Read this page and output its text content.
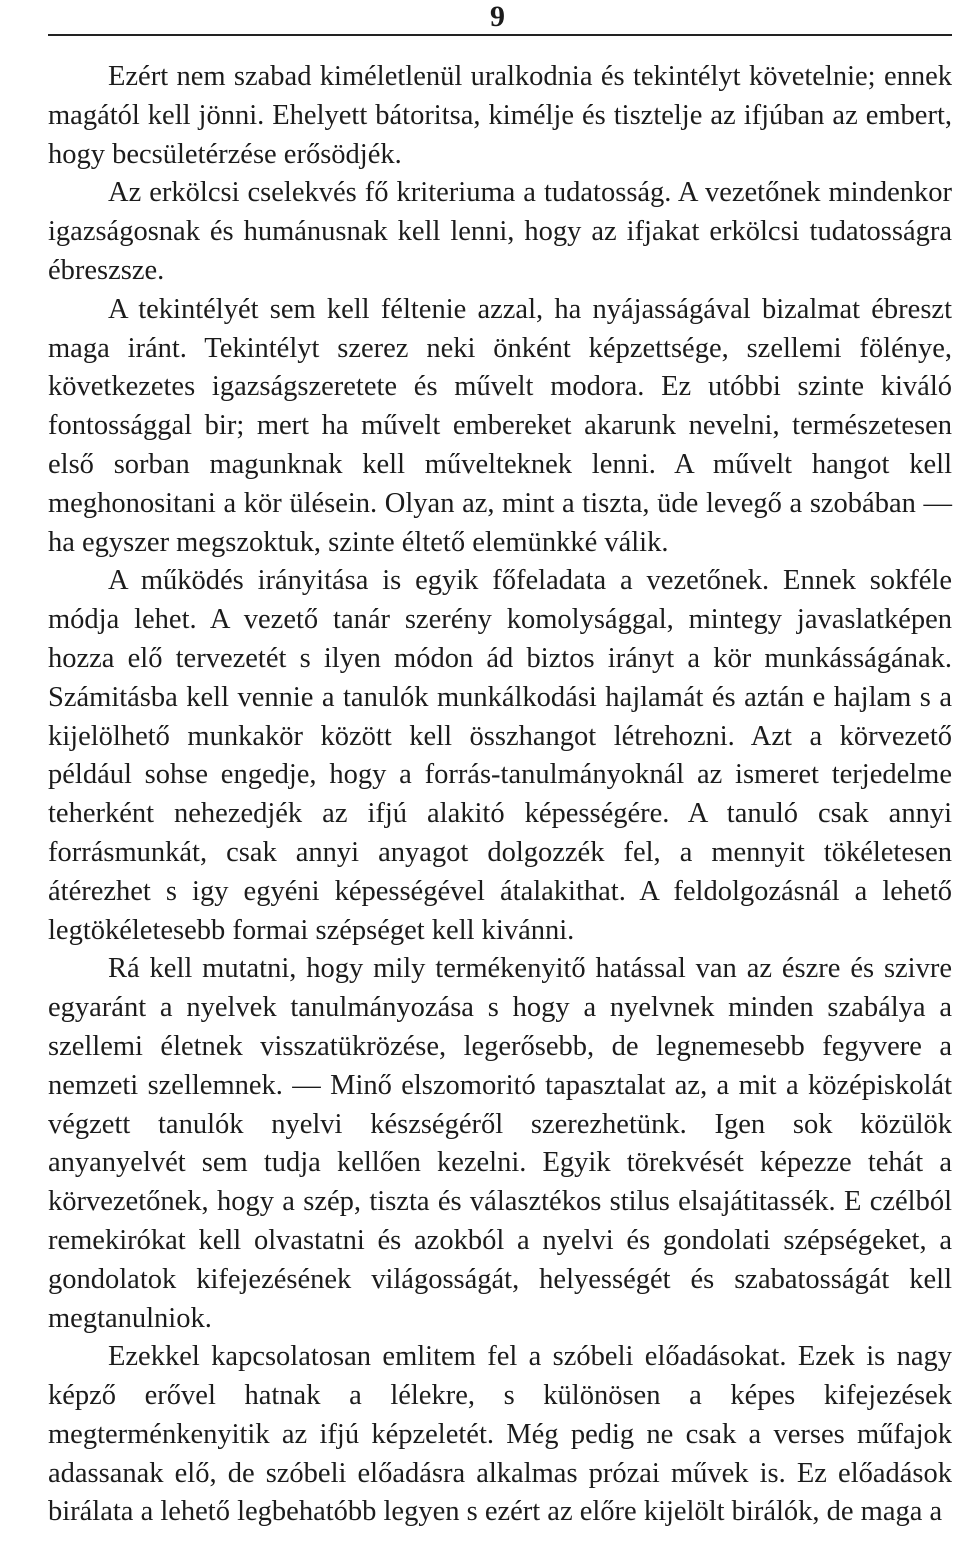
9

Ezért nem szabad kiméletlenül uralkodnia és tekintélyt követelnie; ennek magától kell jönni. Ehelyett bátoritsa, kimélje és tisztelje az ifjúban az embert, hogy becsületérzése erősödjék.

Az erkölcsi cselekvés fő kriteriuma a tudatosság. A vezetőnek mindenkor igazságosnak és humánusnak kell lenni, hogy az ifjakat erkölcsi tudatosságra ébreszsze.

A tekintélyét sem kell féltenie azzal, ha nyájasságával bizalmat ébreszt maga iránt. Tekintélyt szerez neki önként képzettsége, szellemi fölénye, következetes igazságszeretete és művelt modora. Ez utóbbi szinte kiváló fontossággal bir; mert ha művelt embereket akarunk nevelni, természetesen első sorban magunknak kell művelteknek lenni. A művelt hangot kell meghonositani a kör ülésein. Olyan az, mint a tiszta, üde levegő a szobában — ha egyszer megszoktuk, szinte éltető elemünkké válik.

A működés irányitása is egyik főfeladata a vezetőnek. Ennek sokféle módja lehet. A vezető tanár szerény komolysággal, mintegy javaslatképen hozza elő tervezetét s ilyen módon ád biztos irányt a kör munkásságának. Számitásba kell vennie a tanulók munkálkodási hajlamát és aztán e hajlam s a kijelölhető munkakör között kell összhangot létrehozni. Azt a körvezető például sohse engedje, hogy a forrás-tanulmányoknál az ismeret terjedelme teherként nehezedjék az ifjú alakitó képességére. A tanuló csak annyi forrásmunkát, csak annyi anyagot dolgozzék fel, a mennyit tökéletesen átérezhet s igy egyéni képességével átalakithat. A feldolgozásnál a lehető legtökéletesebb formai szépséget kell kivánni.

Rá kell mutatni, hogy mily termékenyitő hatással van az észre és szivre egyaránt a nyelvek tanulmányozása s hogy a nyelvnek minden szabálya a szellemi életnek visszatükrözése, legerősebb, de legnemesebb fegyvere a nemzeti szellemnek. — Minő elszomoritó tapasztalat az, a mit a középiskolát végzett tanulók nyelvi készségéről szerezhetünk. Igen sok közülök anyanyelvét sem tudja kellően kezelni. Egyik törekvését képezze tehát a körvezetőnek, hogy a szép, tiszta és választékos stilus elsajátitassék. E czélból remekirókat kell olvastatni és azokból a nyelvi és gondolati szépségeket, a gondolatok kifejezésének világosságát, helyességét és szabatosságát kell megtanulniok.

Ezekkel kapcsolatosan emlitem fel a szóbeli előadásokat. Ezek is nagy képző erővel hatnak a lélekre, s különösen a képes kifejezések megterménkenyitik az ifjú képzeletét. Még pedig ne csak a verses műfajok adassanak elő, de szóbeli előadásra alkalmas prózai művek is. Ez előadások birálata a lehető legbehatóbb legyen s ezért az előre kijelölt birálók, de maga a
